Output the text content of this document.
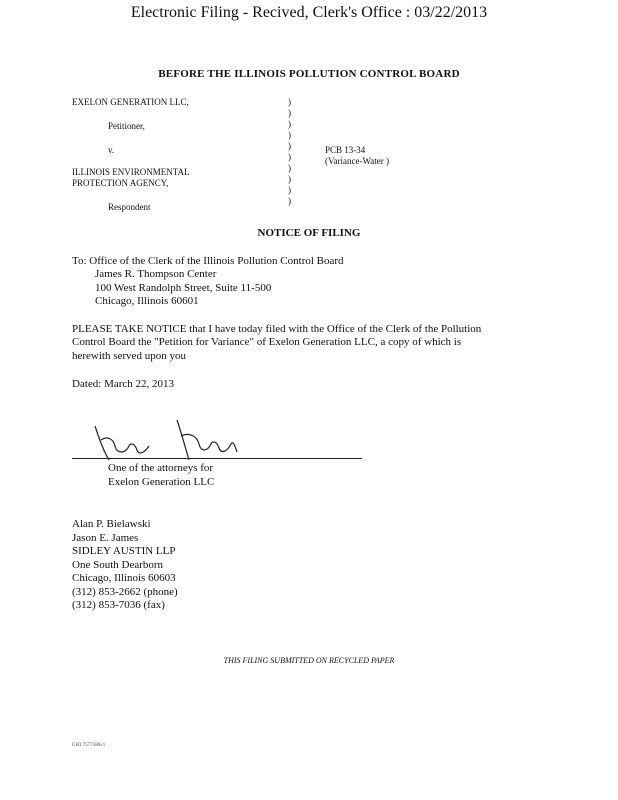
Electronic Filing - Recived, Clerk's Office : 03/22/2013
BEFORE THE ILLINOIS POLLUTION CONTROL BOARD
EXELON GENERATION LLC,
Petitioner,
v.
ILLINOIS ENVIRONMENTAL
PROTECTION AGENCY,
Respondent
)
)
)
)
)
)
)
)
)
)
PCB 13-34
(Variance-Water )
NOTICE OF FILING
To: Office of the Clerk of the Illinois Pollution Control Board
James R. Thompson Center
100 West Randolph Street, Suite 11-500
Chicago, Illinois 60601
PLEASE TAKE NOTICE that I have today filed with the Office of the Clerk of the Pollution
Control Board the "Petition for Variance" of Exelon Generation LLC, a copy of which is
herewith served upon you
Dated: March 22, 2013
One of the attorneys for
Exelon Generation LLC
Alan P. Bielawski
Jason E. James
SIDLEY AUSTIN LLP
One South Dearborn
Chicago, Illinois 60603
(312) 853-2662 (phone)
(312) 853-7036 (fax)
THIS FILING SUBMITTED ON RECYCLED PAPER
CH1 7577586v1
